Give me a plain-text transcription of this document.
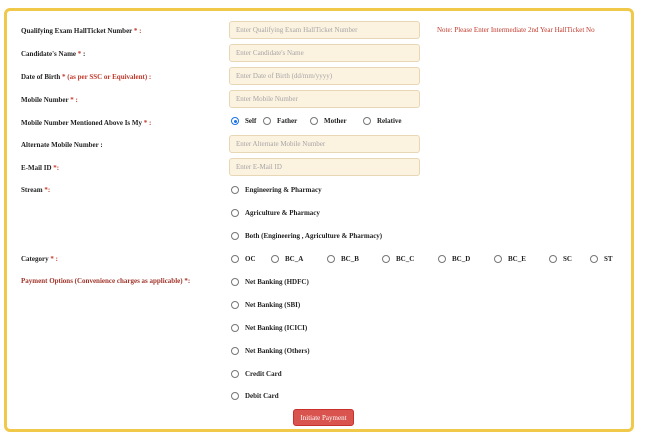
Qualifying Exam HallTicket Number * :
Enter Qualifying Exam HallTicket Number	Note: Please Enter Intermediate 2nd Year HallTicket No
Candidate's Name * :
Enter Candidate's Name
Date of Birth * (as per SSC or Equivalent) :
Enter Date of Birth (dd/mm/yyyy)
Mobile Number * :
Enter Mobile Number
Mobile Number Mentioned Above Is My * :	Self	Father	Mother	Relative
Alternate Mobile Number :
Enter Alternate Mobile Number
E-Mail ID *:
Enter E-Mail ID
Stream *:	Engineering & Pharmacy
Agriculture & Pharmacy
Both (Engineering , Agriculture & Pharmacy)
Category * :	OC	BC_A	BC_B	BC_C	BC_D	BC_E	SC	ST
Payment Options (Convenience charges as applicable) *:	Net Banking (HDFC)
Net Banking (SBI)
Net Banking (ICICI)
Net Banking (Others)
Credit Card
Debit Card
Initiate Payment
